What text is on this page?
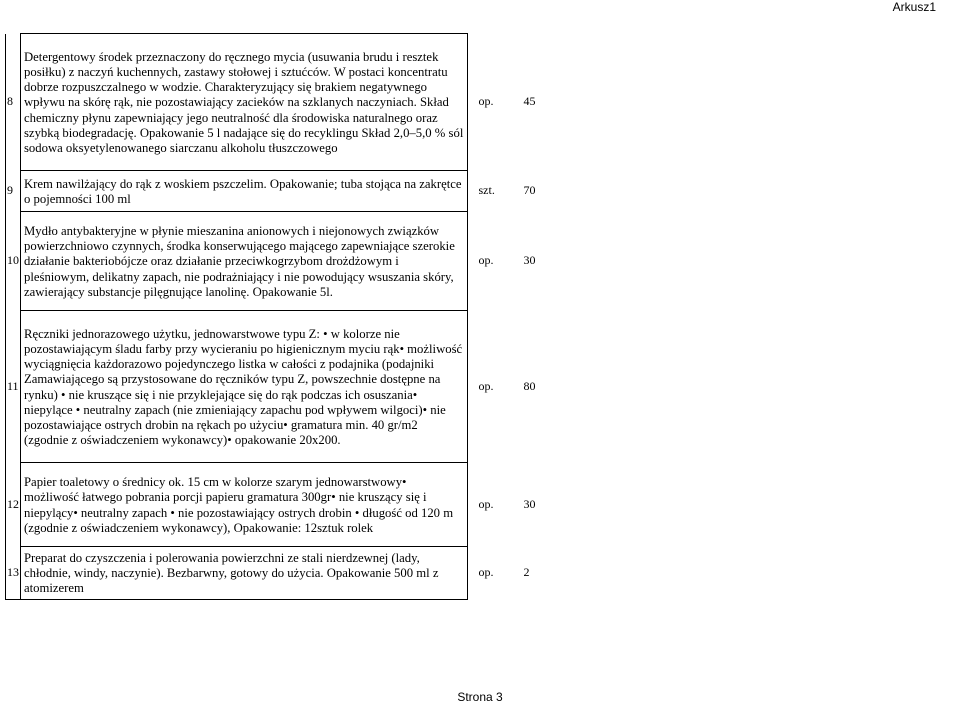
Arkusz1
8	Detergentowy środek przeznaczony do ręcznego mycia (usuwania brudu i resztek posiłku) z naczyń kuchennych, zastawy stołowej i sztućców. W postaci koncentratu dobrze rozpuszczalnego w wodzie. Charakteryzujący się brakiem negatywnego wpływu na skórę rąk, nie pozostawiający zacieków na szklanych naczyniach. Skład chemiczny płynu zapewniający jego neutralność dla środowiska naturalnego oraz szybką biodegradację. Opakowanie 5 l nadające się do recyklingu Skład 2,0–5,0 % sól sodowa oksyetylenowanego siarczanu alkoholu tłuszczowego		op.	45
9	Krem nawilżający do rąk z woskiem pszczelim. Opakowanie; tuba stojąca na zakrętce o pojemności 100 ml		szt.	70
10	Mydło antybakteryjne w płynie mieszanina anionowych i niejonowych związków powierzchniowo czynnych, środka konserwującego mającego zapewniające szerokie działanie bakteriobójcze oraz działanie przeciwkogrzybom drożdżowym i pleśniowym, delikatny zapach, nie podrażniający i nie powodujący wsuszania skóry, zawierający substancje pilęgnujące lanolinę. Opakowanie 5l.		op.	30
11	Ręczniki jednorazowego użytku, jednowarstwowe typu Z: • w kolorze nie pozostawiającym śladu farby przy wycieraniu po higienicznym myciu rąk• możliwość wyciągnięcia każdorazowo pojedynczego listka w całości z podajnika (podajniki Zamawiającego są przystosowane do ręczników typu Z, powszechnie dostępne na rynku) • nie kruszące się i nie przyklejające się do rąk podczas ich osuszania• niepylące • neutralny zapach (nie zmieniający zapachu pod wpływem wilgoci)• nie pozostawiające ostrych drobin na rękach po użyciu• gramatura min. 40 gr/m2 (zgodnie z oświadczeniem wykonawcy)• opakowanie 20x200.		op.	80
12	Papier toaletowy o średnicy ok. 15 cm w kolorze szarym jednowarstwowy• możliwość łatwego pobrania porcji papieru gramatura 300gr• nie kruszący się i niepylący• neutralny zapach • nie pozostawiający ostrych drobin • długość od 120 m (zgodnie z oświadczeniem wykonawcy), Opakowanie: 12sztuk rolek		op.	30
13	Preparat do czyszczenia i polerowania powierzchni ze stali nierdzewnej (lady, chłodnie, windy, naczynie). Bezbarwny, gotowy do użycia. Opakowanie 500 ml z atomizerem		op.	2
Strona 3
